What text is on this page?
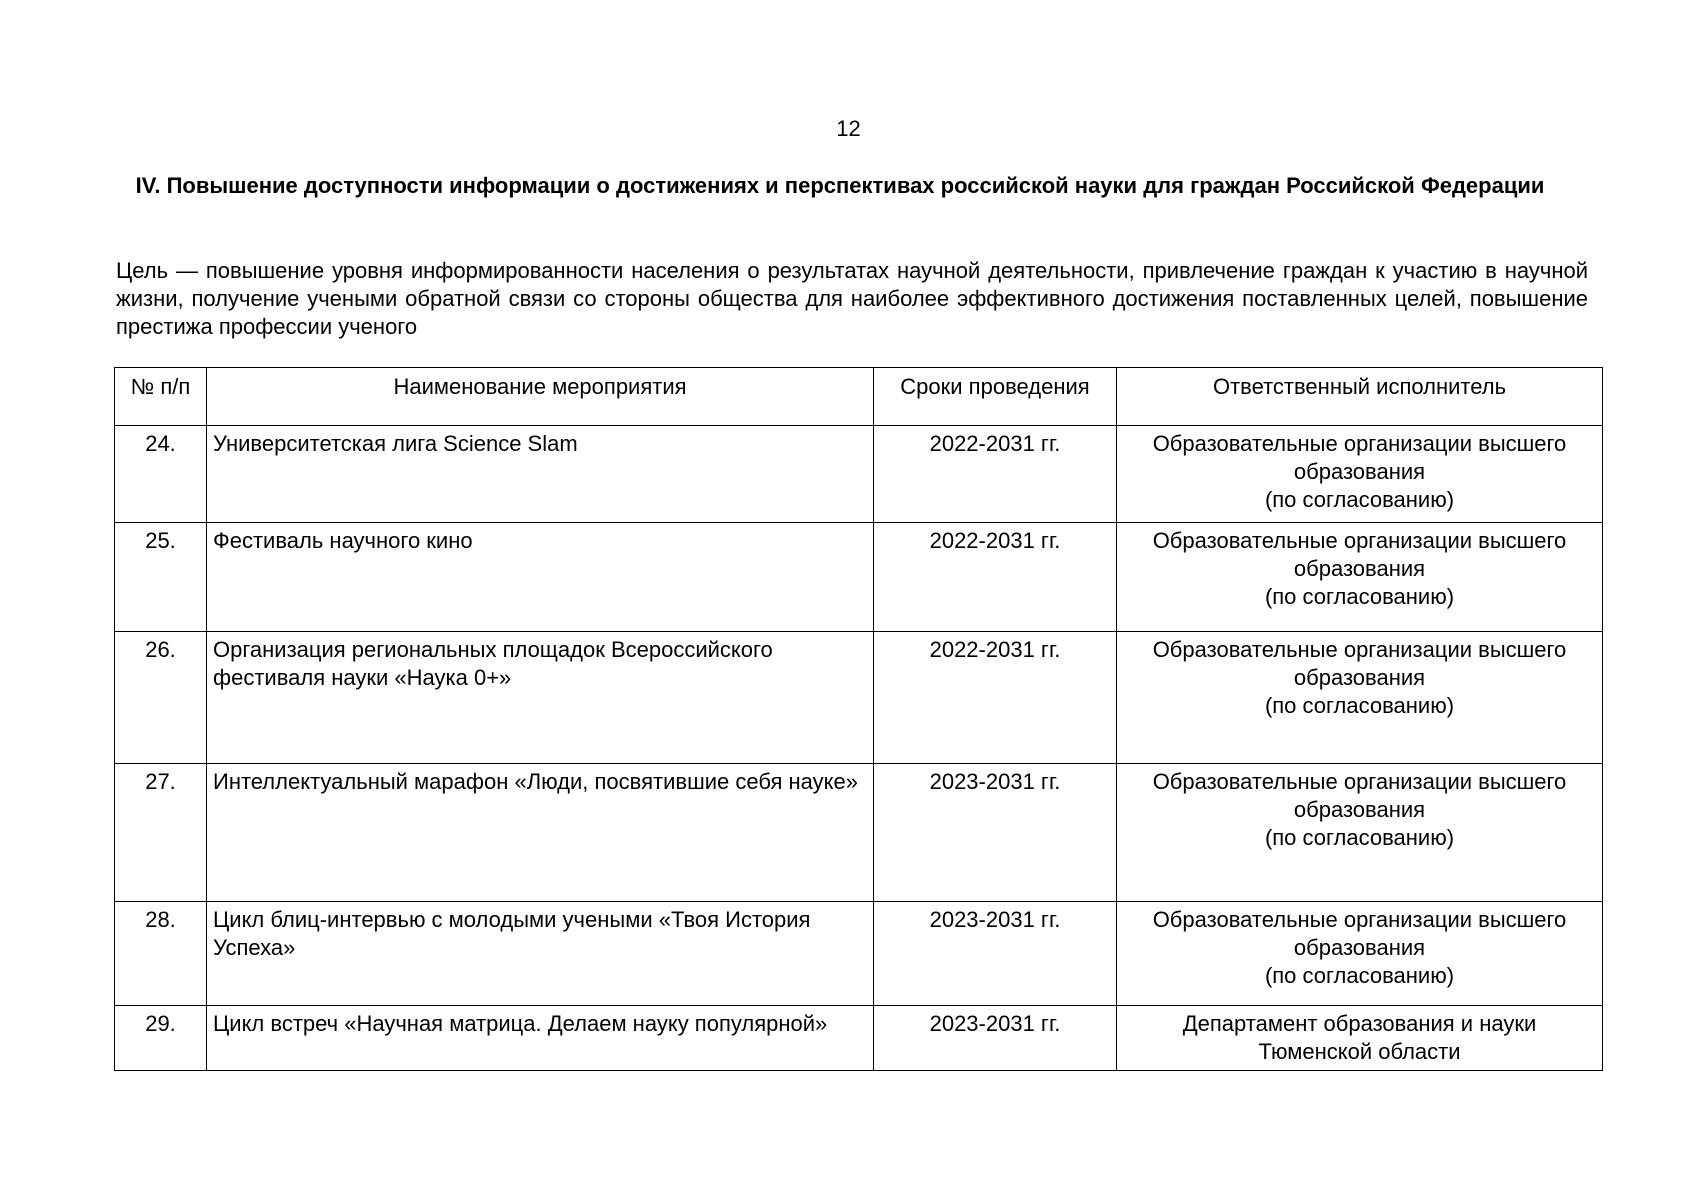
12
IV. Повышение доступности информации о достижениях и перспективах российской науки для граждан Российской Федерации
Цель — повышение уровня информированности населения о результатах научной деятельности, привлечение граждан к участию в научной жизни, получение учеными обратной связи со стороны общества для наиболее эффективного достижения поставленных целей, повышение престижа профессии ученого
№ п/п	Наименование мероприятия	Сроки проведения	Ответственный исполнитель
24.	Университетская лига Science Slam	2022-2031 гг.	Образовательные организации высшего образования
(по согласованию)

25.	Фестиваль научного кино	2022-2031 гг.	Образовательные организации высшего образования
(по согласованию)

26.	Организация региональных площадок Всероссийского фестиваля науки «Наука 0+»	2022-2031 гг.	Образовательные организации высшего образования
(по согласованию)

27.	Интеллектуальный марафон «Люди, посвятившие себя науке»	2023-2031 гг.	Образовательные организации высшего образования
(по согласованию)

28.	Цикл блиц-интервью с молодыми учеными «Твоя История Успеха»	2023-2031 гг.	Образовательные организации высшего образования
(по согласованию)

29.	Цикл встреч «Научная матрица. Делаем науку популярной»	2023-2031 гг.	Департамент образования и науки Тюменской области
